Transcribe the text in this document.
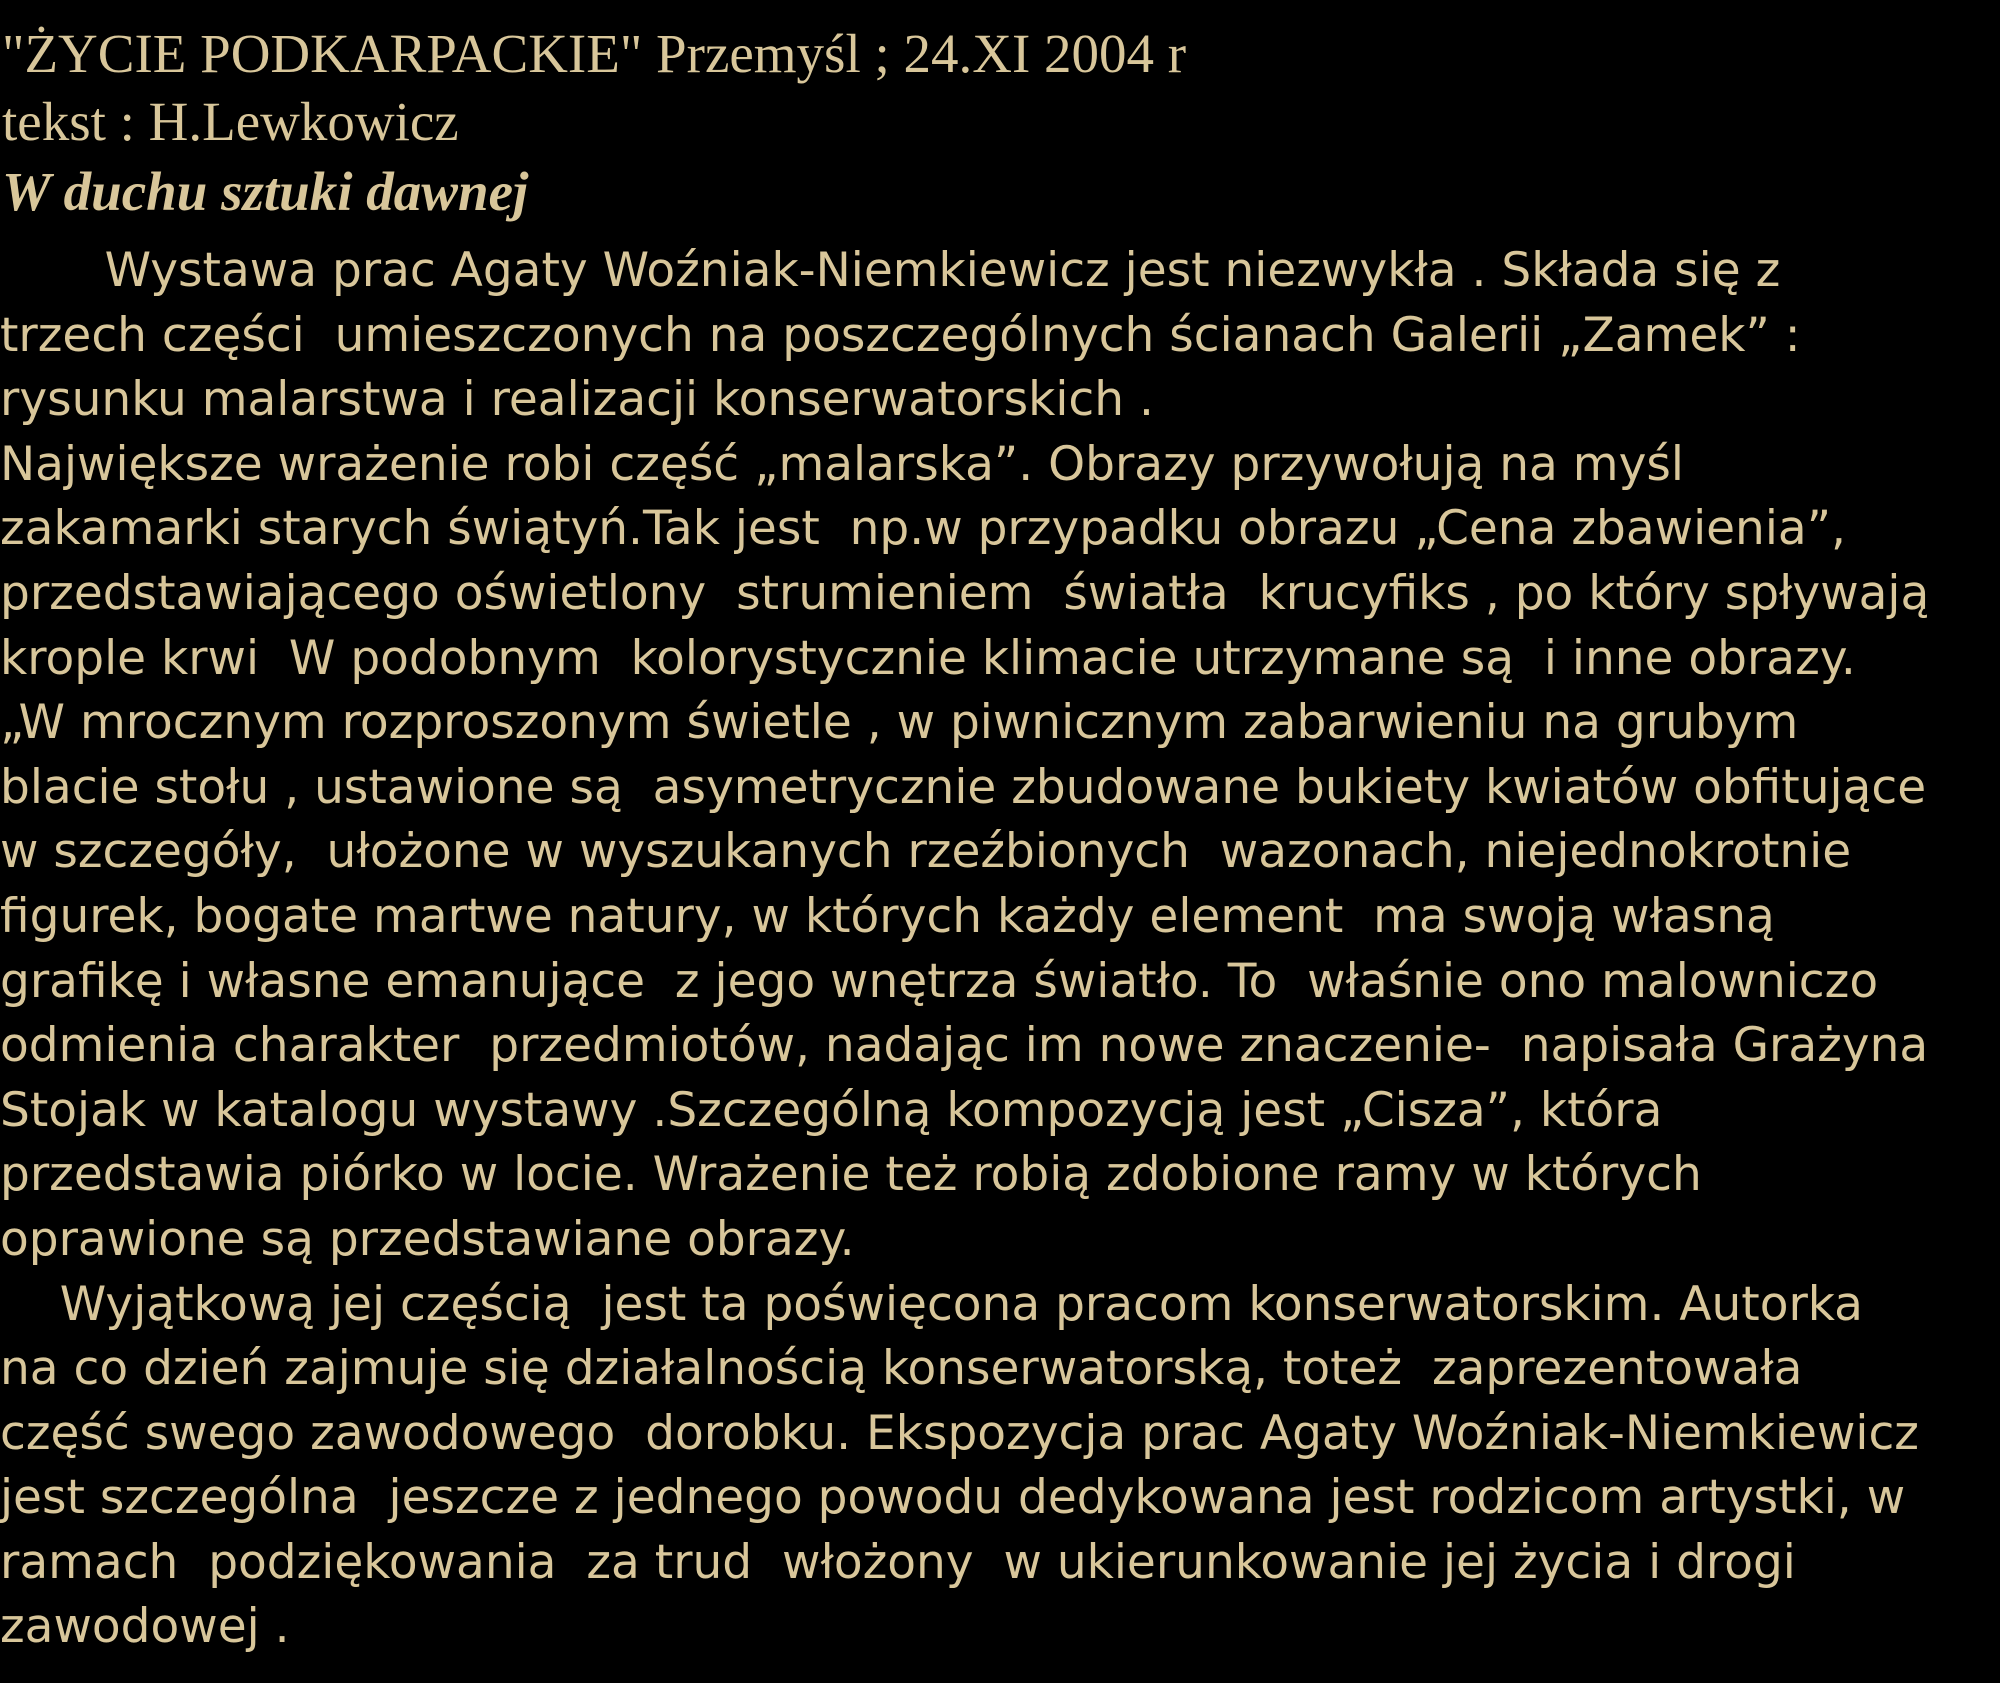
"ŻYCIE PODKARPACKIE" Przemyśl ; 24.XI 2004 r

tekst : H.Lewkowicz

W duchu sztuki dawnej
Wystawa prac Agaty Woźniak-Niemkiewicz jest niezwykła . Składa się z
trzech części  umieszczonych na poszczególnych ścianach Galerii „Zamek” :
rysunku malarstwa i realizacji konserwatorskich .
Największe wrażenie robi część „malarska”. Obrazy przywołują na myśl
zakamarki starych świątyń.Tak jest  np.w przypadku obrazu „Cena zbawienia”,
przedstawiającego oświetlony  strumieniem  światła  krucyfiks , po który spływają
krople krwi  W podobnym  kolorystycznie klimacie utrzymane są  i inne obrazy.
„W mrocznym rozproszonym świetle , w piwnicznym zabarwieniu na grubym
blacie stołu , ustawione są  asymetrycznie zbudowane bukiety kwiatów obfitujące
w szczegóły,  ułożone w wyszukanych rzeźbionych  wazonach, niejednokrotnie
figurek, bogate martwe natury, w których każdy element  ma swoją własną
grafikę i własne emanujące  z jego wnętrza światło. To  właśnie ono malowniczo
odmienia charakter  przedmiotów, nadając im nowe znaczenie-  napisała Grażyna
Stojak w katalogu wystawy .Szczególną kompozycją jest „Cisza”, która
przedstawia piórko w locie. Wrażenie też robią zdobione ramy w których
oprawione są przedstawiane obrazy.
Wyjątkową jej częścią  jest ta poświęcona pracom konserwatorskim. Autorka
na co dzień zajmuje się działalnością konserwatorską, toteż  zaprezentowała
część swego zawodowego  dorobku. Ekspozycja prac Agaty Woźniak-Niemkiewicz
jest szczególna  jeszcze z jednego powodu dedykowana jest rodzicom artystki, w
ramach  podziękowania  za trud  włożony  w ukierunkowanie jej życia i drogi
zawodowej .
